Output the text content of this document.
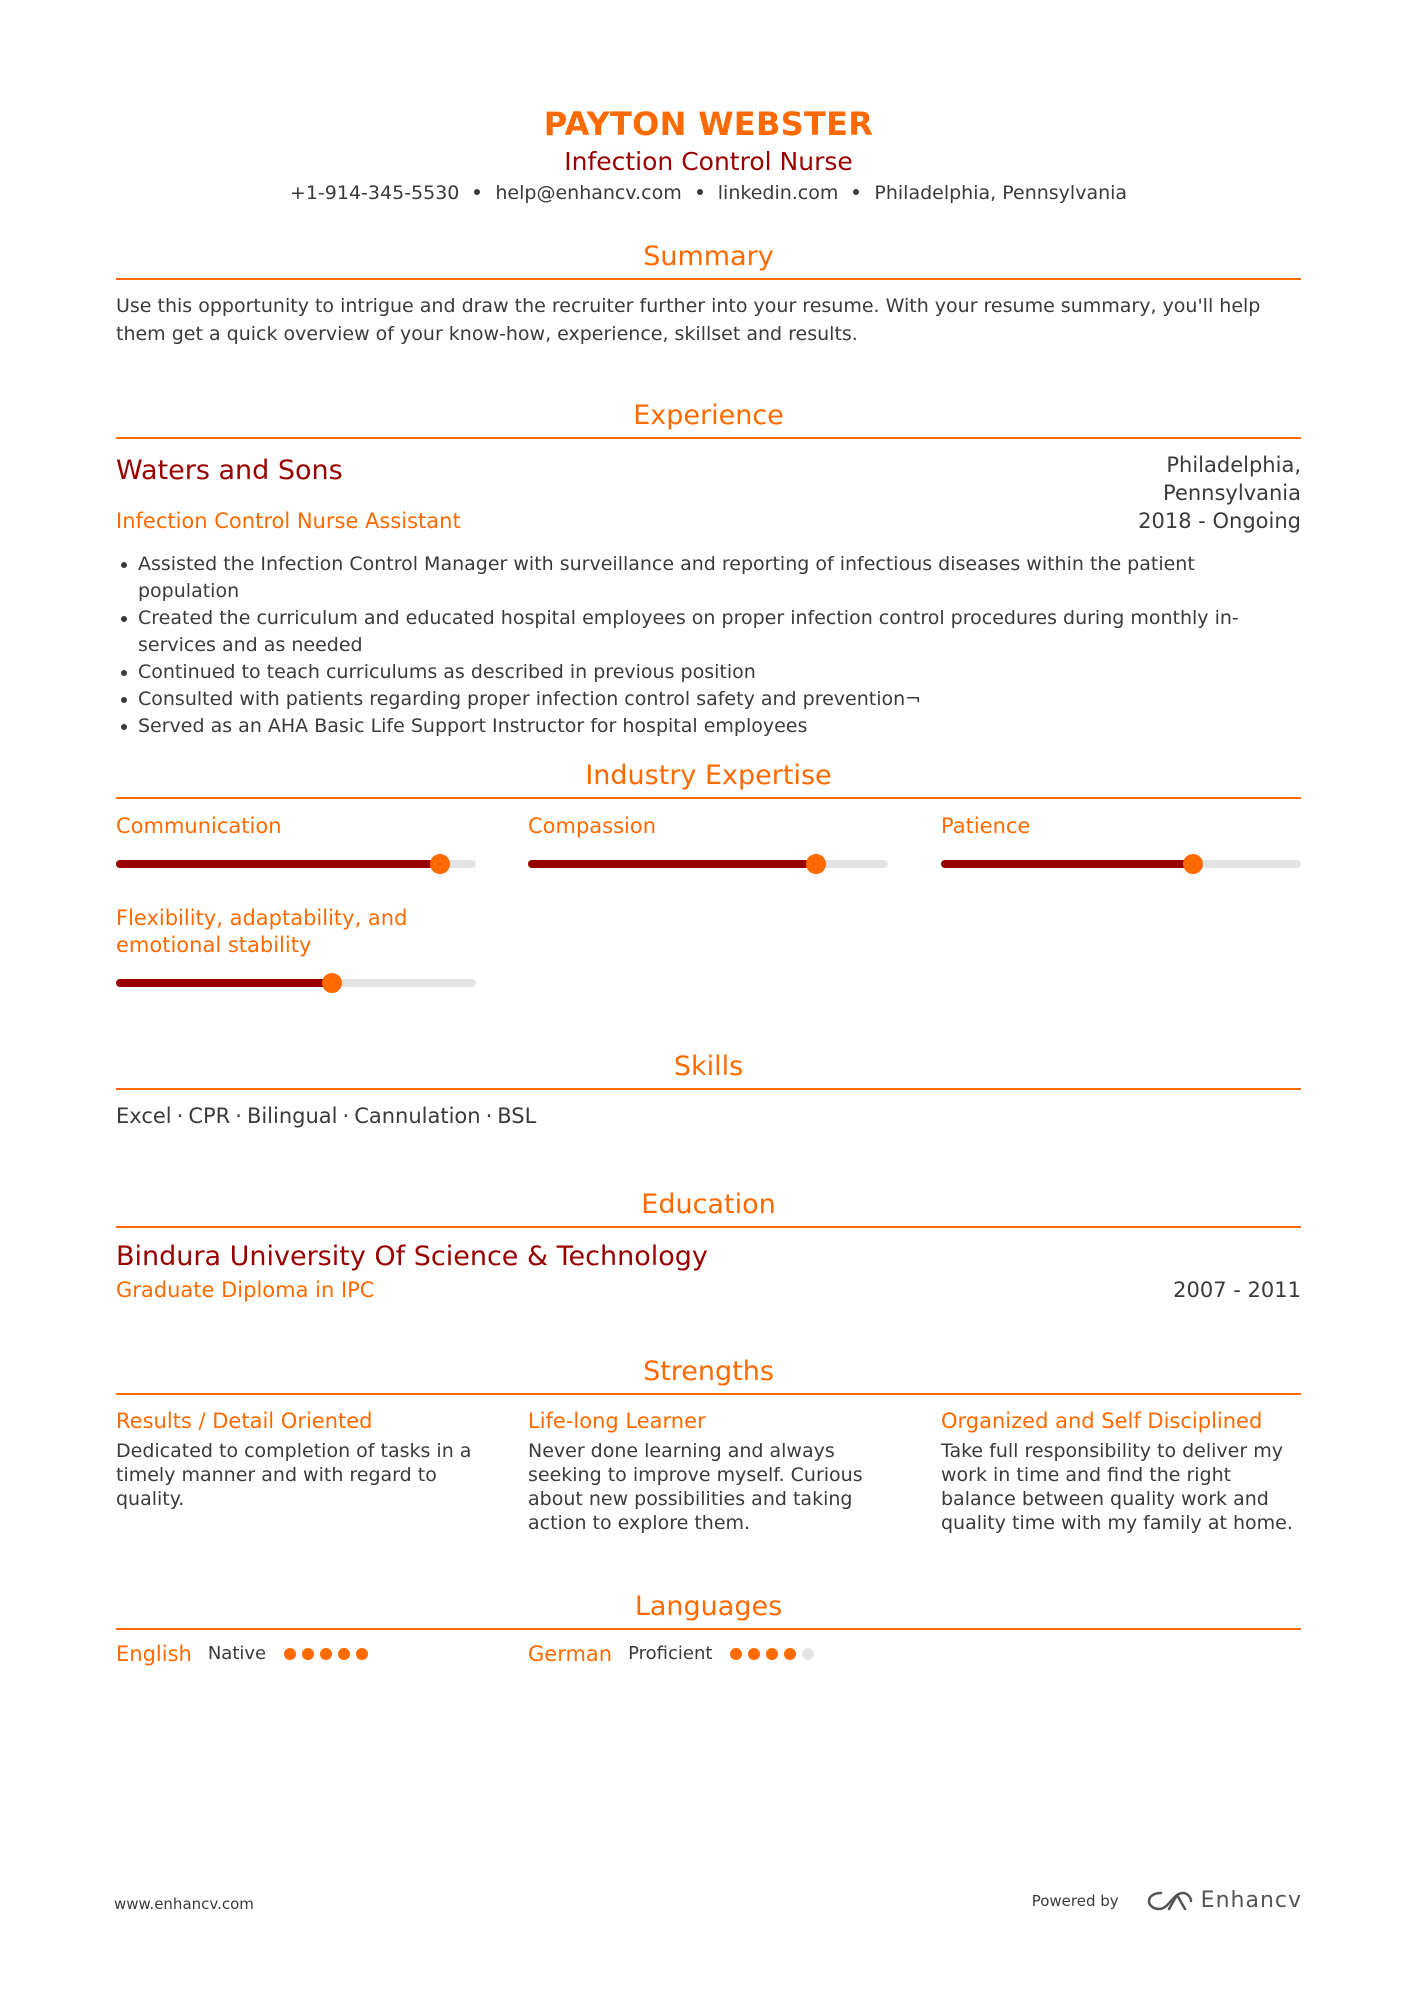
PAYTON WEBSTER
Infection Control Nurse
+1-914-345-5530 help@enhancv.com linkedin.com Philadelphia, Pennsylvania
Summary
Use this opportunity to intrigue and draw the recruiter further into your resume. With your resume summary, you'll help them get a quick overview of your know-how, experience, skillset and results.
Experience
Waters and Sons	Philadelphia, Pennsylvania
Infection Control Nurse Assistant	2018 - Ongoing
Assisted the Infection Control Manager with surveillance and reporting of infectious diseases within the patient population
Created the curriculum and educated hospital employees on proper infection control procedures during monthly in-services and as needed
Continued to teach curriculums as described in previous position
Consulted with patients regarding proper infection control safety and prevention¬
Served as an AHA Basic Life Support Instructor for hospital employees
Industry Expertise
Communication	Compassion	Patience
Flexibility, adaptability, and emotional stability
Skills
Excel · CPR · Bilingual · Cannulation · BSL
Education
Bindura University Of Science & Technology
Graduate Diploma in IPC	2007 - 2011
Strengths
Results / Detail Oriented
Dedicated to completion of tasks in a timely manner and with regard to quality.
Life-long Learner
Never done learning and always seeking to improve myself. Curious about new possibilities and taking action to explore them.
Organized and Self Disciplined
Take full responsibility to deliver my work in time and find the right balance between quality work and quality time with my family at home.
Languages
English Native	German Proficient
www.enhancv.com	Powered by	Enhancv
